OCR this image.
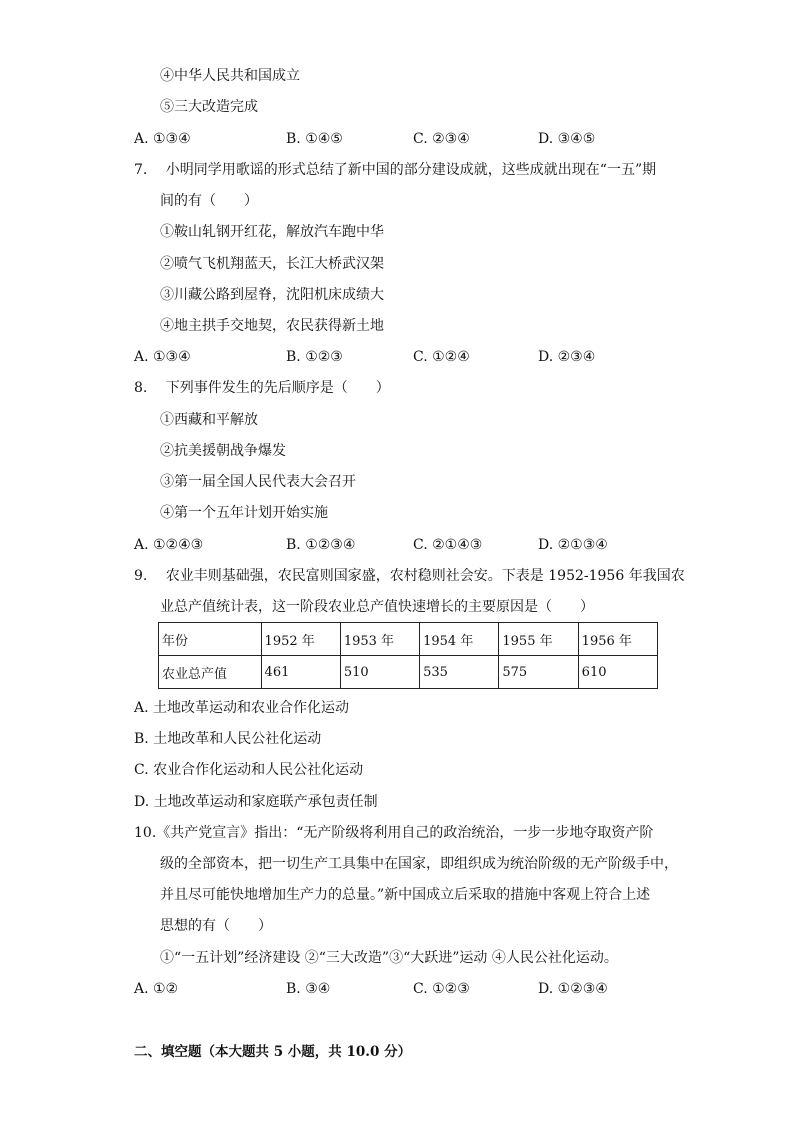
④中华人民共和国成立
⑤三大改造完成
A. ①③④	B. ①④⑤	C. ②③④	D. ③④⑤
7.　 小明同学用歌谣的形式总结了新中国的部分建设成就，这些成就出现在“一五”期
间的有（　　）
①鞍山轧钢开红花，解放汽车跑中华
②喷气飞机翔蓝天，长江大桥武汉架
③川藏公路到屋脊，沈阳机床成绩大
④地主拱手交地契，农民获得新土地
A. ①③④	B. ①②③	C. ①②④	D. ②③④
8.　 下列事件发生的先后顺序是（　　）
①西藏和平解放
②抗美援朝战争爆发
③第一届全国人民代表大会召开
④第一个五年计划开始实施
A. ①②④③	B. ①②③④	C. ②①④③	D. ②①③④
9.　 农业丰则基础强，农民富则国家盛，农村稳则社会安。下表是 1952-1956 年我国农
业总产值统计表，这一阶段农业总产值快速增长的主要原因是（　　）
年份	1952 年	1953 年	1954 年	1955 年	1956 年
农业总产值	461	510	535	575	610
A. 土地改革运动和农业合作化运动
B. 土地改革和人民公社化运动
C. 农业合作化运动和人民公社化运动
D. 土地改革运动和家庭联产承包责任制
10.《共产党宣言》指出：“无产阶级将利用自己的政治统治，一步一步地夺取资产阶
级的全部资本，把一切生产工具集中在国家，即组织成为统治阶级的无产阶级手中，
并且尽可能快地增加生产力的总量。”新中国成立后采取的措施中客观上符合上述
思想的有（　　）
①“一五计划”经济建设 ②“三大改造”③“大跃进”运动 ④人民公社化运动。
A. ①②	B. ③④	C. ①②③	D. ①②③④
二、填空题（本大题共 5 小题，共 10.0 分）
